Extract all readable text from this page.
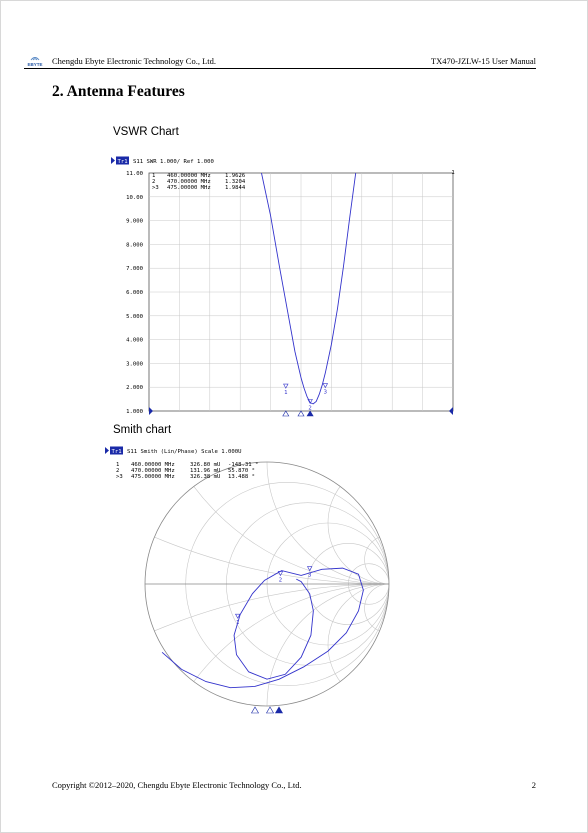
EBYTE Chengdu Ebyte Electronic Technology Co., Ltd.	TX470-JZLW-15 User Manual
2. Antenna Features
VSWR Chart
Smith chart
Tr1 S11 SWR 1.000/ Ref 1.000
11.00
10.00
9.000
8.000
7.000
6.000
5.000
4.000
3.000
2.000
1.000
1
1 460.00000 MHz	1.9626
2 470.00000 MHz	1.3204
>3 475.00000 MHz	1.9844
1
2
3
Tr1 S11 Smith (Lin/Phase) Scale 1.000U
1 460.00000 MHz	326.80 mU -148.31 °
2 470.00000 MHz	131.96 mU 55.870 °
>3 475.00000 MHz	326.38 mU 13.488 °
1
2
3
Copyright ©2012–2020, Chengdu Ebyte Electronic Technology Co., Ltd.	2
